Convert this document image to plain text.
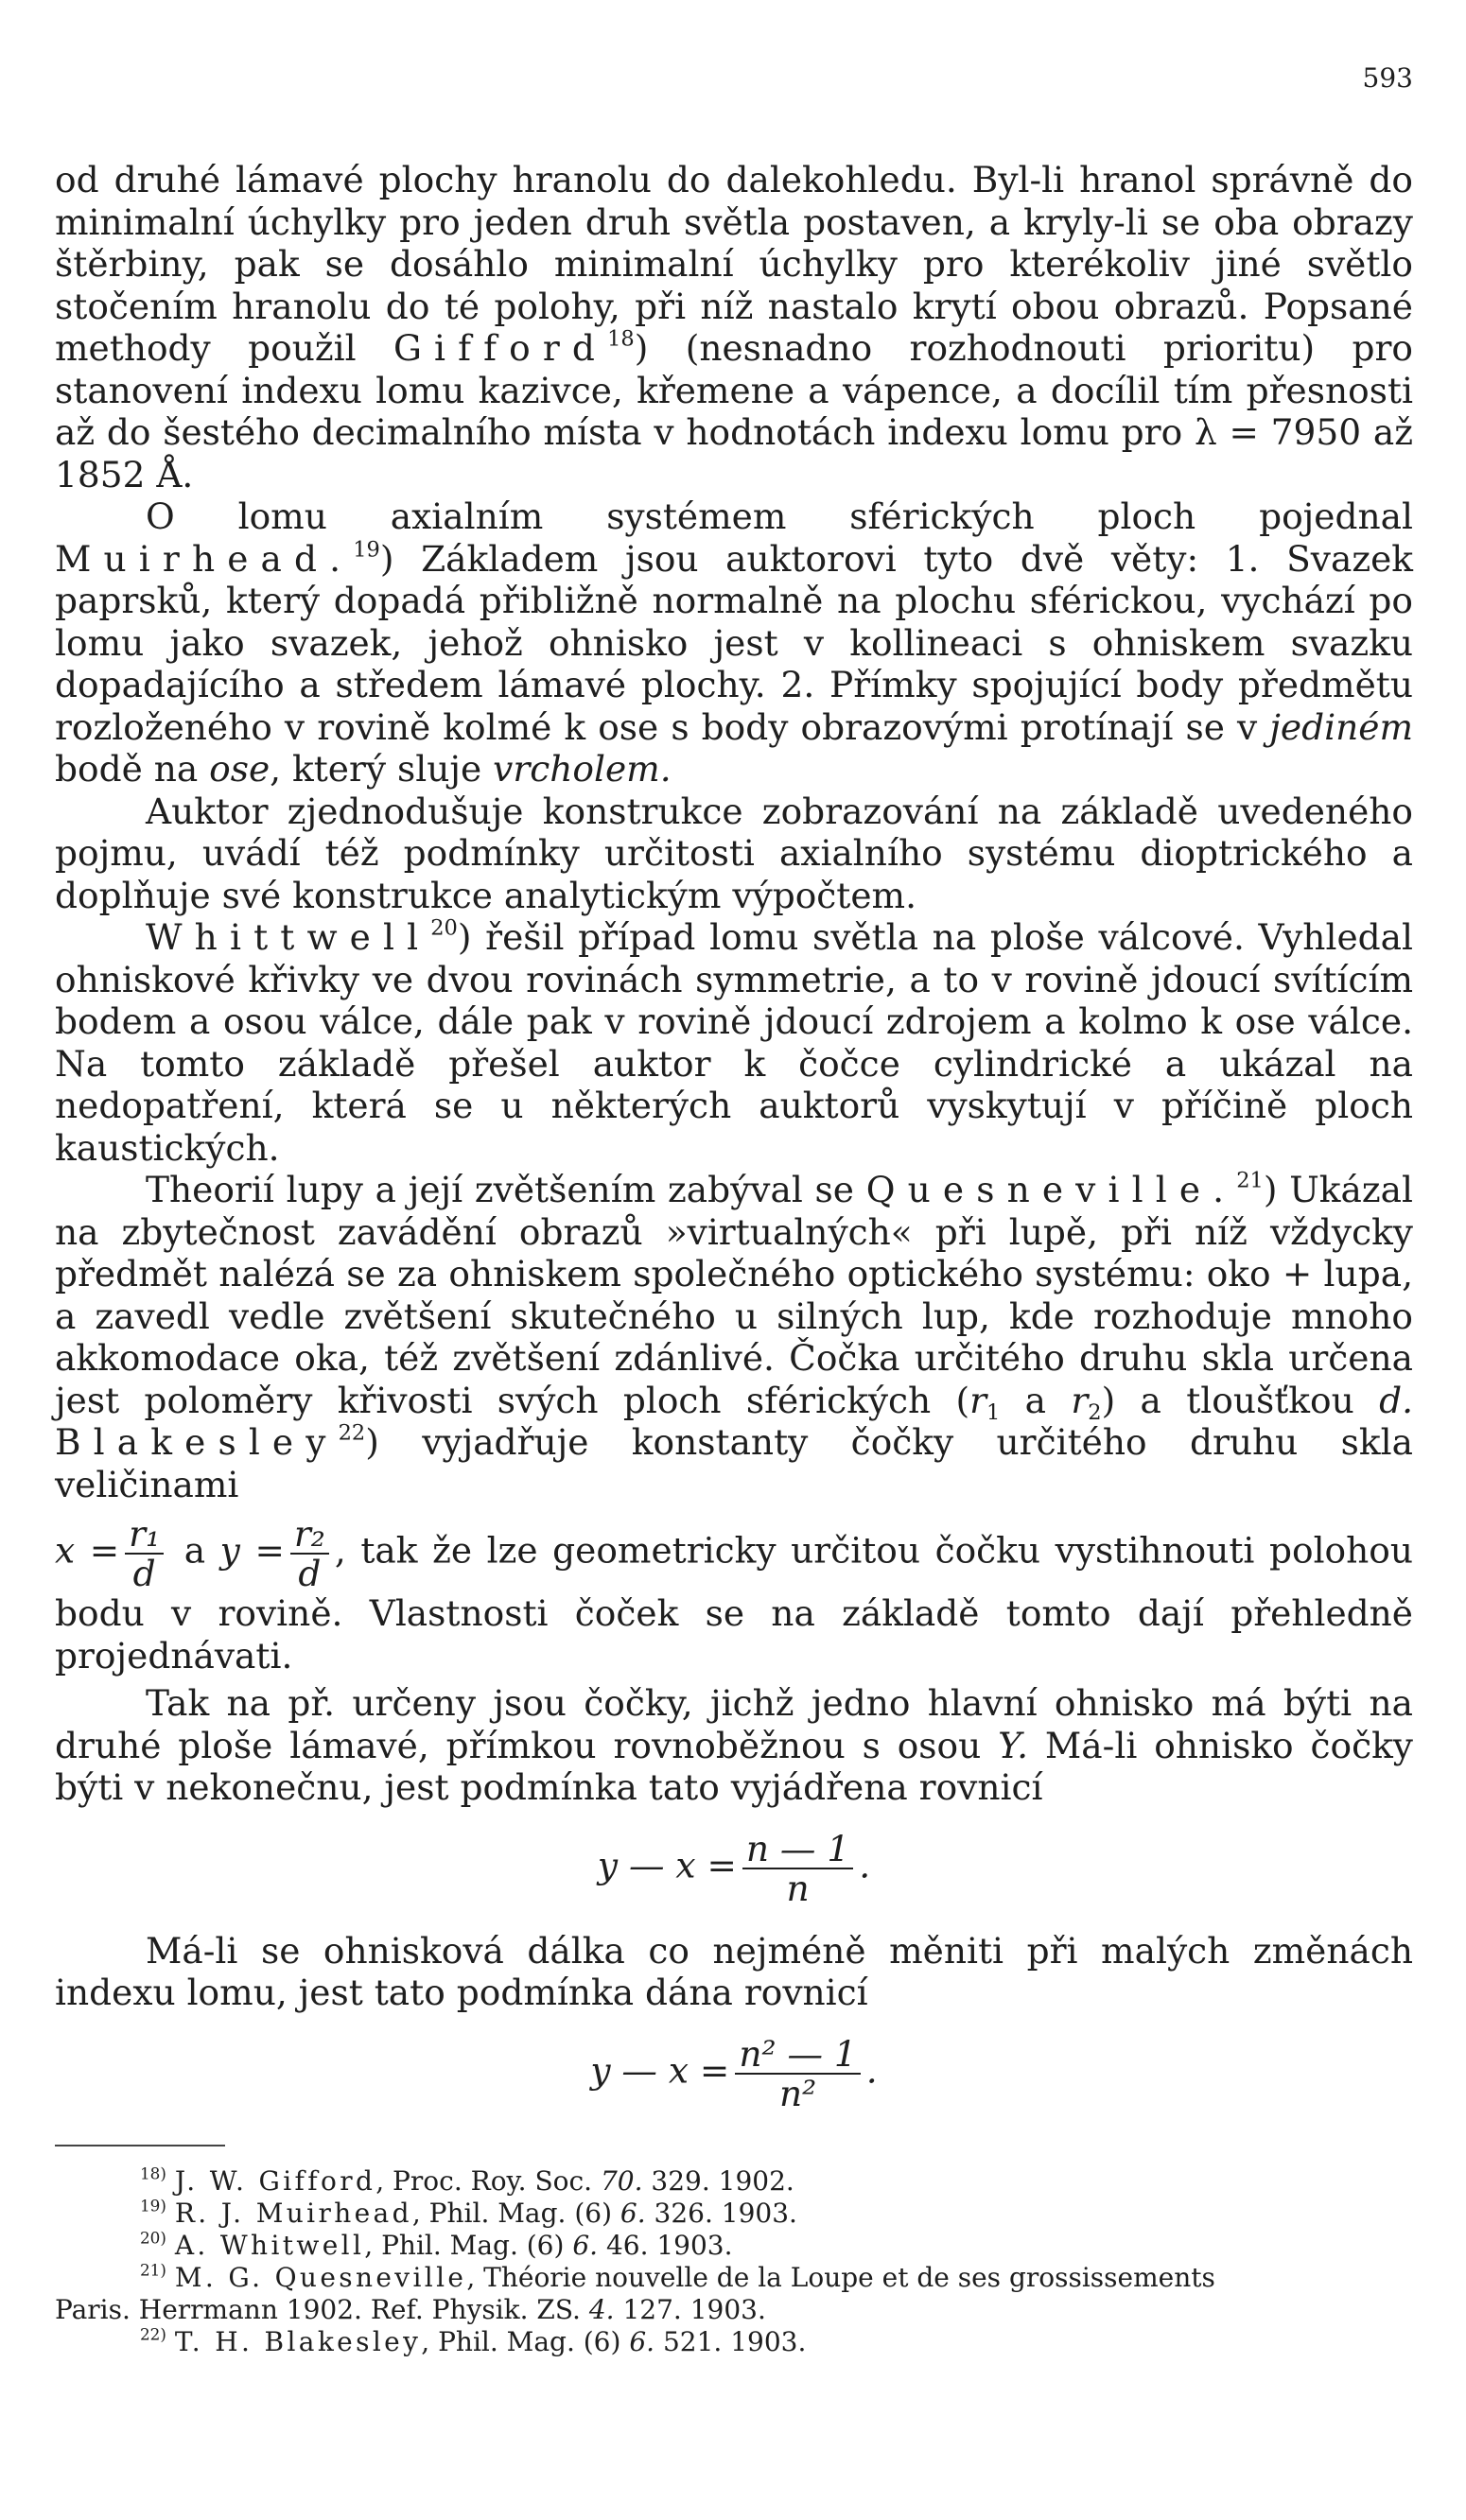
593

od druhé lámavé plochy hranolu do dalekohledu. Byl-li hranol správně do minimalní úchylky pro jeden druh světla postaven, a kryly-li se oba obrazy štěrbiny, pak se dosáhlo minimalní úchylky pro kterékoliv jiné světlo stočením hranolu do té polohy, při níž nastalo krytí obou obrazů. Popsané methody použil Gifford$^{18}$) (nesnadno rozhodnouti prioritu) pro stanovení indexu lomu kazivce, křemene a vápence, a docílil tím přesnosti až do šestého decimalního místa v hodnotách indexu lomu pro λ = 7950 až 1852 Å.

O lomu axialním systémem sférických ploch pojednal Muirhead.$^{19}$) Základem jsou auktorovi tyto dvě věty: 1. Svazek paprsků, který dopadá přibližně normalně na plochu sférickou, vychází po lomu jako svazek, jehož ohnisko jest v kollineaci s ohniskem svazku dopadajícího a středem lámavé plochy. 2. Přímky spojující body předmětu rozloženého v rovině kolmé k ose s body obrazovými protínají se v jediném bodě na ose, který sluje vrcholem.

Auktor zjednodušuje konstrukce zobrazování na základě uvedeného pojmu, uvádí též podmínky určitosti axialního systému dioptrického a doplňuje své konstrukce analytickým výpočtem.

Whittwell$^{20}$) řešil případ lomu světla na ploše válcové. Vyhledal ohniskové křivky ve dvou rovinách symmetrie, a to v rovině jdoucí svítícím bodem a osou válce, dále pak v rovině jdoucí zdrojem a kolmo k ose válce. Na tomto základě přešel auktor k čočce cylindrické a ukázal na nedopatření, která se u některých auktorů vyskytují v příčině ploch kaustických.

Theorií lupy a její zvětšením zabýval se Quesneville.$^{21}$) Ukázal na zbytečnost zavádění obrazů »virtualných« při lupě, při níž vždycky předmět nalézá se za ohniskem společného optického systému: oko + lupa, a zavedl vedle zvětšení skutečného u silných lup, kde rozhoduje mnoho akkomodace oka, též zvětšení zdánlivé. Čočka určitého druhu skla určena jest poloměry křivosti svých ploch sférických ($r_1$ a $r_2$) a tloušťkou d. Blakesley$^{22}$) vyjadřuje konstanty čočky určitého druhu skla veličinami

$x = \frac{\text{r₁}}{d}$ a $y = \frac{\text{r₂}}{d}$ , tak že lze geometricky určitou čočku vystihnouti polohou bodu v rovině. Vlastnosti čoček se na základě tomto dají přehledně projednávati.

Tak na př. určeny jsou čočky, jichž jedno hlavní ohnisko má býti na druhé ploše lámavé, přímkou rovnoběžnou s osou Y. Má-li ohnisko čočky býti v nekonečnu, jest podmínka tato vyjádřena rovnicí

y — $x = \frac{n — 1}{n}$ .

Má-li se ohnisková dálka co nejméně měniti při malých změnách indexu lomu, jest tato podmínka dána rovnicí

y — $x = \frac{\text{n² — 1}}{\text{n²}}$ .
$^{18)}$ J. W. Gifford, Proc. Roy. Soc. 70. 329. 1902.
$^{19)}$ R. J. Muirhead, Phil. Mag. (6) 6. 326. 1903.
$^{20)}$ A. Whitwell, Phil. Mag. (6) 6. 46. 1903.
$^{21)}$ M. G. Quesneville, Théorie nouvelle de la Loupe et de ses grossissements
Paris. Herrmann 1902. Ref. Physik. ZS. 4. 127. 1903.
$^{22)}$ T. H. Blakesley, Phil. Mag. (6) 6. 521. 1903.
